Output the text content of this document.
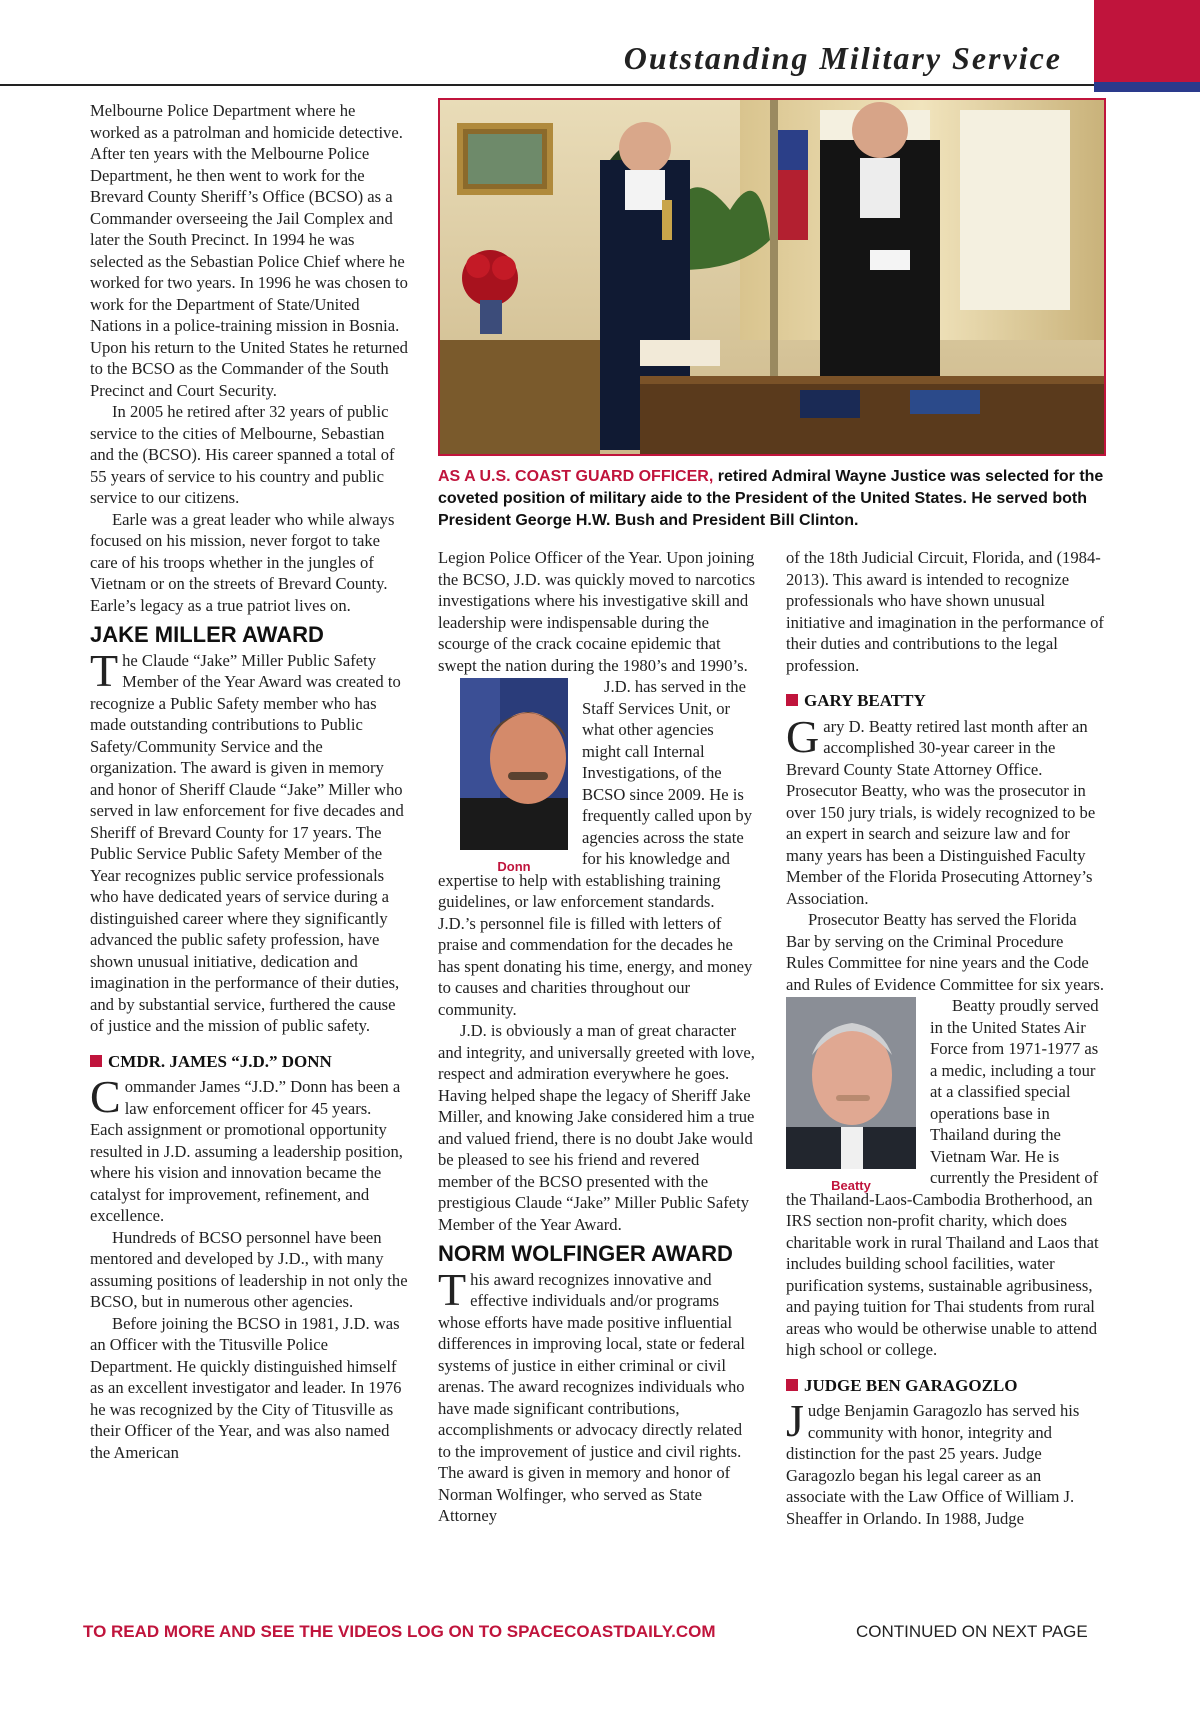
Outstanding Military Service
AS A U.S. COAST GUARD OFFICER, retired Admiral Wayne Justice was selected for the coveted position of military aide to the President of the United States. He served both President George H.W. Bush and President Bill Clinton.

Melbourne Police Department where he worked as a patrolman and homicide detective. After ten years with the Melbourne Police Department, he then went to work for the Brevard County Sheriff’s Office (BCSO) as a Commander overseeing the Jail Complex and later the South Precinct. In 1994 he was selected as the Sebastian Police Chief where he worked for two years. In 1996 he was chosen to work for the Department of State/United Nations in a police-training mission in Bosnia. Upon his return to the United States he returned to the BCSO as the Commander of the South Precinct and Court Security.

In 2005 he retired after 32 years of public service to the cities of Melbourne, Sebastian and the (BCSO). His career spanned a total of 55 years of service to his country and public service to our citizens.

Earle was a great leader who while always focused on his mission, never forgot to take care of his troops whether in the jungles of Vietnam or on the streets of Brevard County. Earle’s legacy as a true patriot lives on.

JAKE MILLER AWARD

The Claude “Jake” Miller Public Safety Member of the Year Award was created to recognize a Public Safety member who has made outstanding contributions to Public Safety/Community Service and the organization. The award is given in memory and honor of Sheriff Claude “Jake” Miller who served in law enforcement for five decades and Sheriff of Brevard County for 17 years. The Public Service Public Safety Member of the Year recognizes public service professionals who have dedicated years of service during a distinguished career where they significantly advanced the public safety profession, have shown unusual initiative, dedication and imagination in the performance of their duties, and by substantial service, furthered the cause of justice and the mission of public safety.

CMDR. JAMES “J.D.” DONN

Commander James “J.D.” Donn has been a law enforcement officer for 45 years. Each assignment or promotional opportunity resulted in J.D. assuming a leadership position, where his vision and innovation became the catalyst for improvement, refinement, and excellence.

Hundreds of BCSO personnel have been mentored and developed by J.D., with many assuming positions of leadership in not only the BCSO, but in numerous other agencies.

Before joining the BCSO in 1981, J.D. was an Officer with the Titusville Police Department. He quickly distinguished himself as an excellent investigator and leader. In 1976 he was recognized by the City of Titusville as their Officer of the Year, and was also named the American

Legion Police Officer of the Year. Upon joining the BCSO, J.D. was quickly moved to narcotics investigations where his investigative skill and leadership were indispensable during the scourge of the crack cocaine epidemic that swept the nation during the 1980’s and 1990’s.

Donn
J.D. has served in the Staff Services Unit, or what other agencies might call Internal Investigations, of the BCSO since 2009. He is frequently called upon by agencies across the state for his knowledge and expertise to help with establishing training guidelines, or law enforcement standards. J.D.’s personnel file is filled with letters of praise and commendation for the decades he has spent donating his time, energy, and money to causes and charities throughout our community.

J.D. is obviously a man of great character and integrity, and universally greeted with love, respect and admiration everywhere he goes. Having helped shape the legacy of Sheriff Jake Miller, and knowing Jake considered him a true and valued friend, there is no doubt Jake would be pleased to see his friend and revered member of the BCSO presented with the prestigious Claude “Jake” Miller Public Safety Member of the Year Award.

NORM WOLFINGER AWARD

This award recognizes innovative and effective individuals and/or programs whose efforts have made positive influential differences in improving local, state or federal systems of justice in either criminal or civil arenas. The award recognizes individuals who have made significant contributions, accomplishments or advocacy directly related to the improvement of justice and civil rights. The award is given in memory and honor of Norman Wolfinger, who served as State Attorney

of the 18th Judicial Circuit, Florida, and (1984-2013). This award is intended to recognize professionals who have shown unusual initiative and imagination in the performance of their duties and contributions to the legal profession.

GARY BEATTY

Gary D. Beatty retired last month after an accomplished 30-year career in the Brevard County State Attorney Office. Prosecutor Beatty, who was the prosecutor in over 150 jury trials, is widely recognized to be an expert in search and seizure law and for many years has been a Distinguished Faculty Member of the Florida Prosecuting Attorney’s Association.

Prosecutor Beatty has served the Florida Bar by serving on the Criminal Procedure Rules Committee for nine years and the Code and Rules of Evidence Committee for six years.

Beatty
Beatty proudly served in the United States Air Force from 1971-1977 as a medic, including a tour at a classified special operations base in Thailand during the Vietnam War. He is currently the President of the Thailand-Laos-Cambodia Brotherhood, an IRS section non-profit charity, which does charitable work in rural Thailand and Laos that includes building school facilities, water purification systems, sustainable agribusiness, and paying tuition for Thai students from rural areas who would be otherwise unable to attend high school or college.

JUDGE BEN GARAGOZLO

Judge Benjamin Garagozlo has served his community with honor, integrity and distinction for the past 25 years. Judge Garagozlo began his legal career as an associate with the Law Office of William J. Sheaffer in Orlando. In 1988, Judge

TO READ MORE AND SEE THE VIDEOS LOG ON TO SPACECOASTDAILY.COM	CONTINUED ON NEXT PAGE
